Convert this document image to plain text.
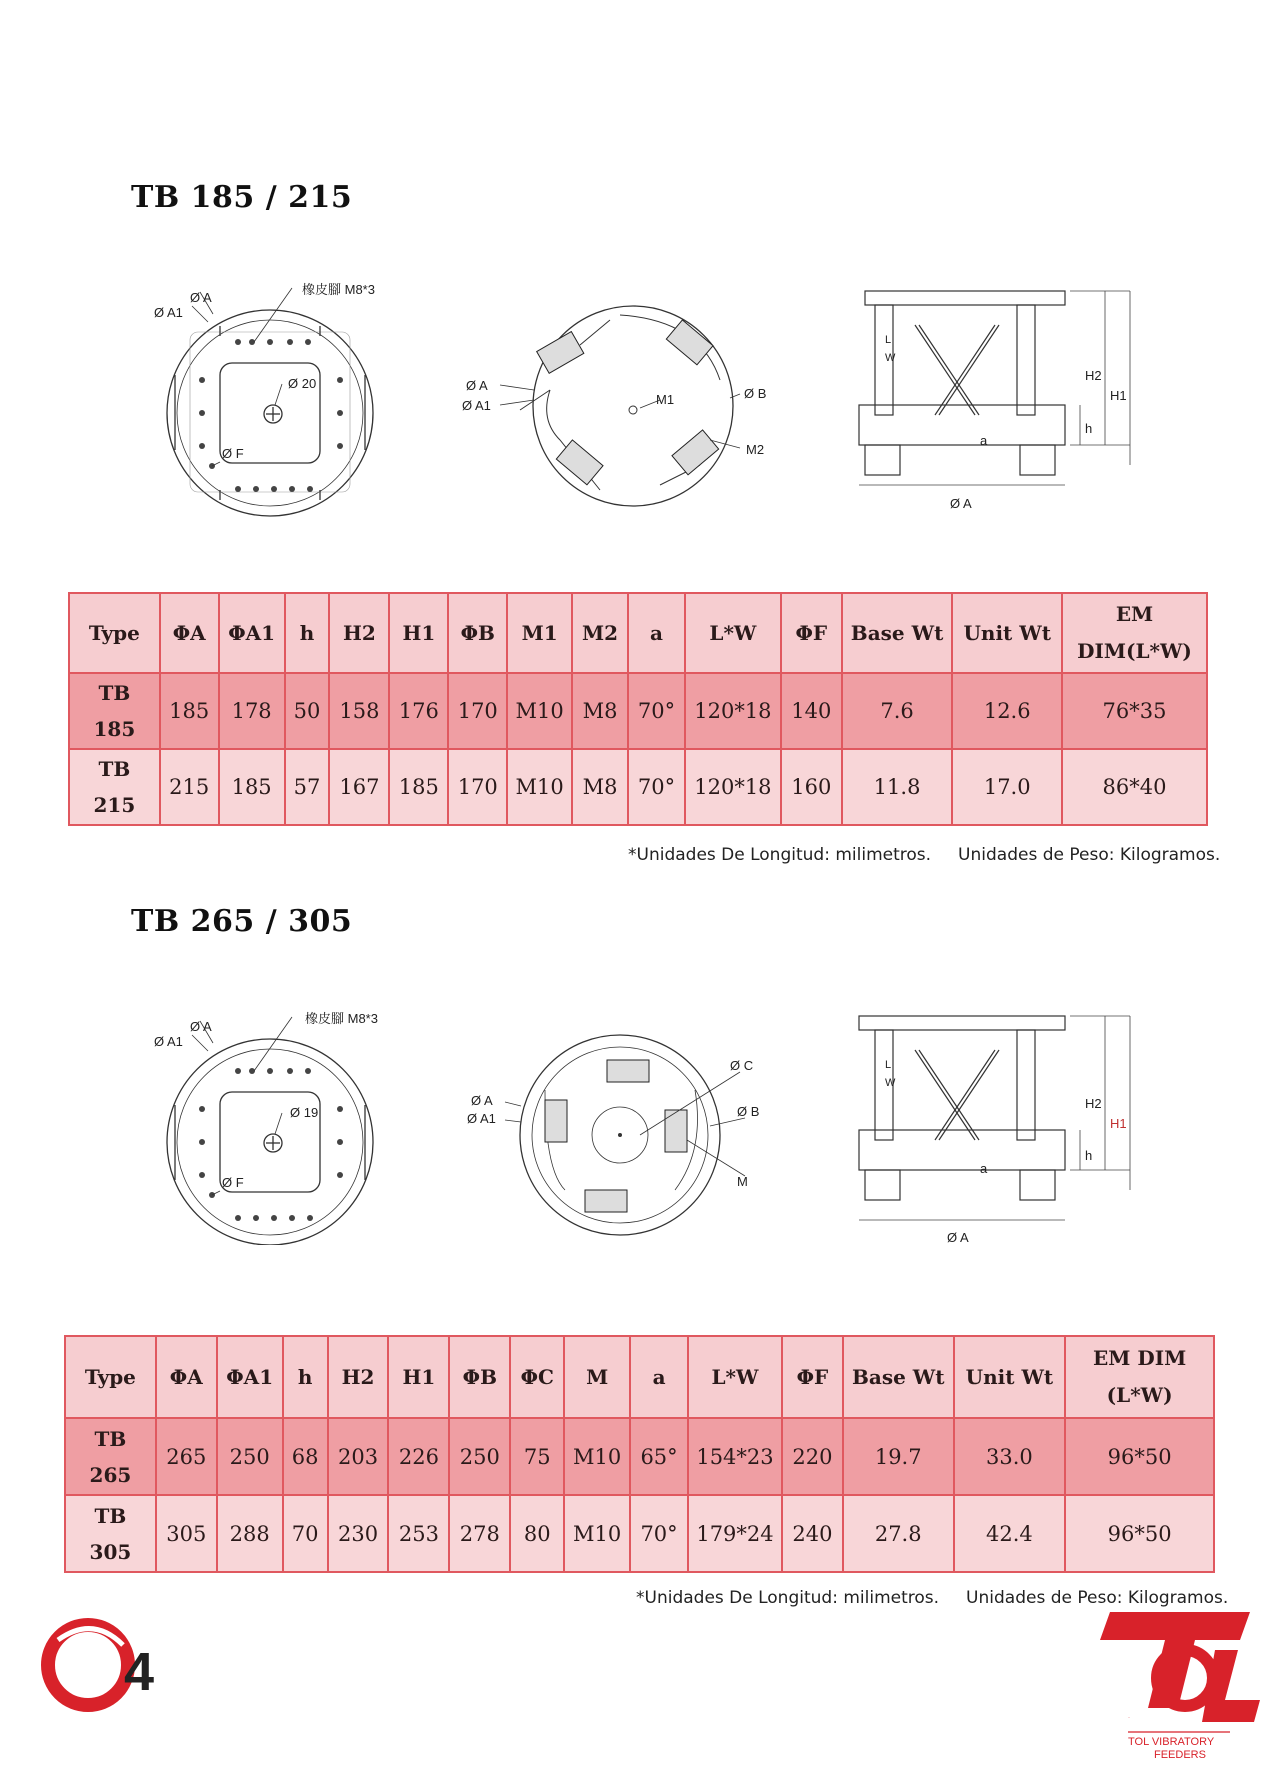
TB 185 / 215
Ø A
Ø A1
橡皮腳 M8*3
Ø 20
Ø F
Ø A
Ø A1	M1	Ø B
M2
L
W
H2
H1
h
a
Ø A
Type	ΦA	ΦA1	h	H2	H1	ΦB	M1	M2	a	L*W	ΦF	Base Wt	Unit Wt	EM
DIM(L*W)
TB
185	185	178	50	158	176	170	M10	M8	70°	120*18	140	7.6	12.6	76*35
TB
215	215	185	57	167	185	170	M10	M8	70°	120*18	160	11.8	17.0	86*40
*Unidades De Longitud: milimetros.     Unidades de Peso: Kilogramos.
TB 265 / 305
Ø A
Ø A1
橡皮腳 M8*3
Ø 19
Ø F
Ø A
Ø A1
Ø C
Ø B
M
L
W
H2
H1
h
a
Ø A
Type	ΦA	ΦA1	h	H2	H1	ΦB	ΦC	M	a	L*W	ΦF	Base Wt	Unit Wt	EM DIM
(L*W)
TB
265	265	250	68	203	226	250	75	M10	65°	154*23	220	19.7	33.0	96*50
TB
305	305	288	70	230	253	278	80	M10	70°	179*24	240	27.8	42.4	96*50
*Unidades De Longitud: milimetros.     Unidades de Peso: Kilogramos.
4
TOL
TOL VIBRATORY
FEEDERS
